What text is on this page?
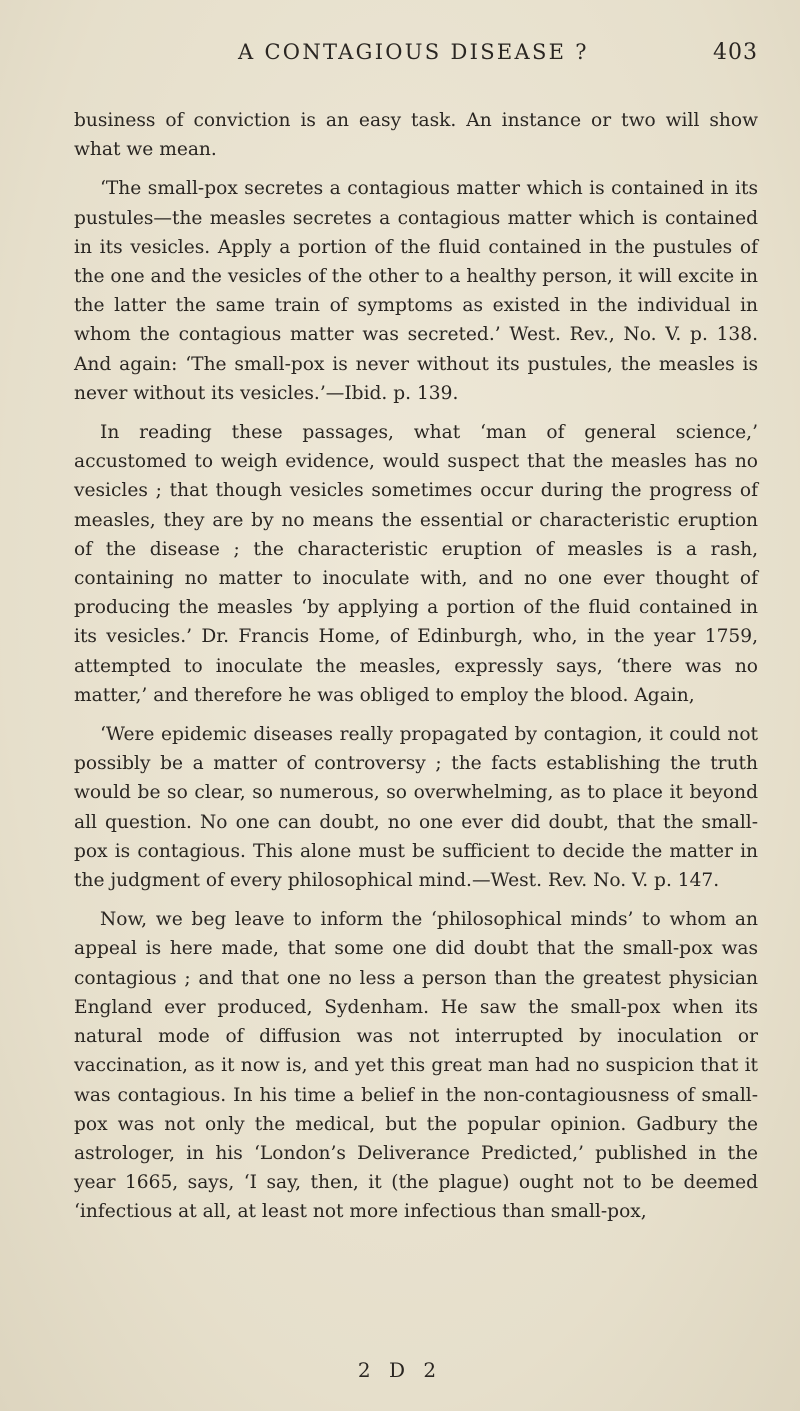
A CONTAGIOUS DISEASE ?	403

business of conviction is an easy task. An instance or two will show what we mean.

‘The small-pox secretes a contagious matter which is contained in its pustules—the measles secretes a contagious matter which is contained in its vesicles. Apply a portion of the fluid contained in the pustules of the one and the vesicles of the other to a healthy person, it will excite in the latter the same train of symptoms as existed in the individual in whom the contagious matter was secreted.’ West. Rev., No. V. p. 138. And again: ‘The small-pox is never without its pustules, the measles is never without its vesicles.’—Ibid. p. 139.

In reading these passages, what ‘man of general science,’ accustomed to weigh evidence, would suspect that the measles has no vesicles ; that though vesicles sometimes occur during the progress of measles, they are by no means the essential or characteristic eruption of the disease ; the characteristic eruption of measles is a rash, containing no matter to inoculate with, and no one ever thought of producing the measles ‘by applying a portion of the fluid contained in its vesicles.’ Dr. Francis Home, of Edinburgh, who, in the year 1759, attempted to inoculate the measles, expressly says, ‘there was no matter,’ and therefore he was obliged to employ the blood. Again,

‘Were epidemic diseases really propagated by contagion, it could not possibly be a matter of controversy ; the facts establishing the truth would be so clear, so numerous, so overwhelming, as to place it beyond all question. No one can doubt, no one ever did doubt, that the small-pox is contagious. This alone must be sufficient to decide the matter in the judgment of every philosophical mind.—West. Rev. No. V. p. 147.

Now, we beg leave to inform the ‘philosophical minds’ to whom an appeal is here made, that some one did doubt that the small-pox was contagious ; and that one no less a person than the greatest physician England ever produced, Sydenham. He saw the small-pox when its natural mode of diffusion was not interrupted by inoculation or vaccination, as it now is, and yet this great man had no suspicion that it was contagious. In his time a belief in the non-contagiousness of small-pox was not only the medical, but the popular opinion. Gadbury the astrologer, in his ‘London’s Deliverance Predicted,’ published in the year 1665, says, ‘I say, then, it (the plague) ought not to be deemed ‘infectious at all, at least not more infectious than small-pox,

2 D 2
